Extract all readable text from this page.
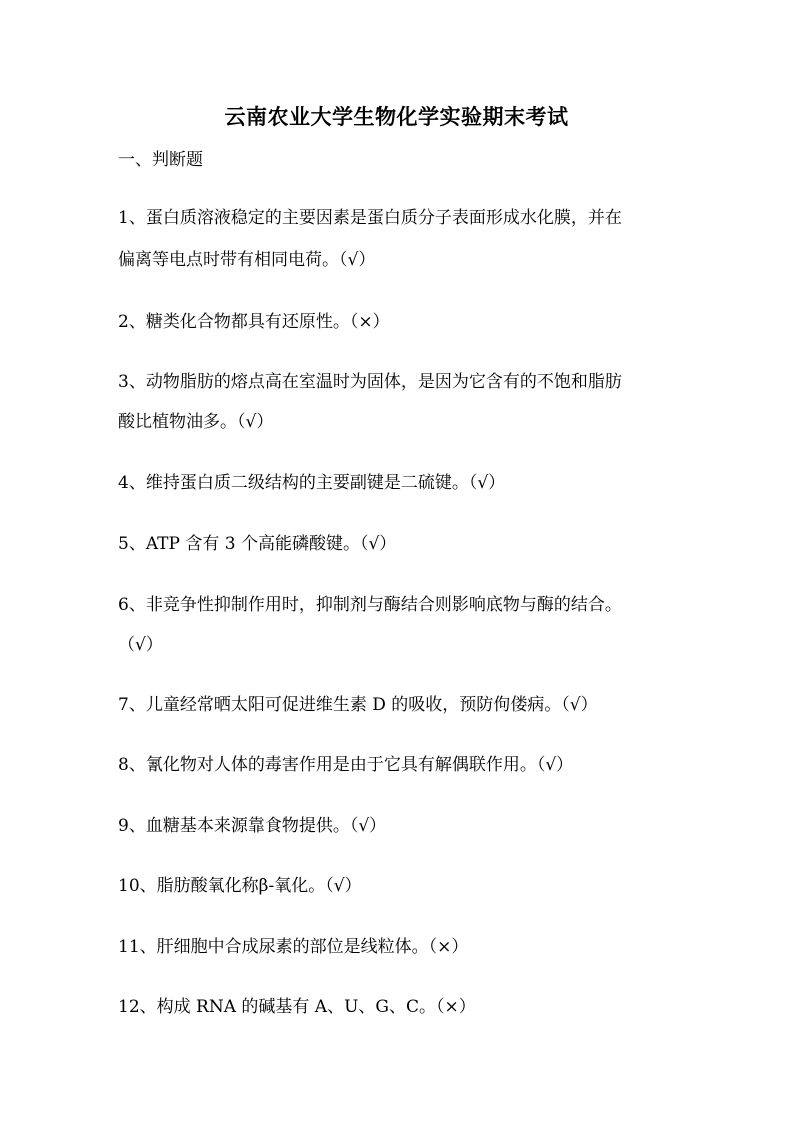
云南农业大学生物化学实验期末考试
一、判断题
1、蛋白质溶液稳定的主要因素是蛋白质分子表面形成水化膜，并在
偏离等电点时带有相同电荷。（√）
2、糖类化合物都具有还原性。（×）
3、动物脂肪的熔点高在室温时为固体，是因为它含有的不饱和脂肪
酸比植物油多。（√）
4、维持蛋白质二级结构的主要副键是二硫键。（√）
5、ATP 含有 3 个高能磷酸键。（√）
6、非竞争性抑制作用时，抑制剂与酶结合则影响底物与酶的结合。
（√）
7、儿童经常晒太阳可促进维生素 D 的吸收，预防佝偻病。（√）
8、氰化物对人体的毒害作用是由于它具有解偶联作用。（√）
9、血糖基本来源靠食物提供。（√）
10、脂肪酸氧化称β-氧化。（√）
11、肝细胞中合成尿素的部位是线粒体。（×）
12、构成 RNA 的碱基有 A、U、G、C。（×）
